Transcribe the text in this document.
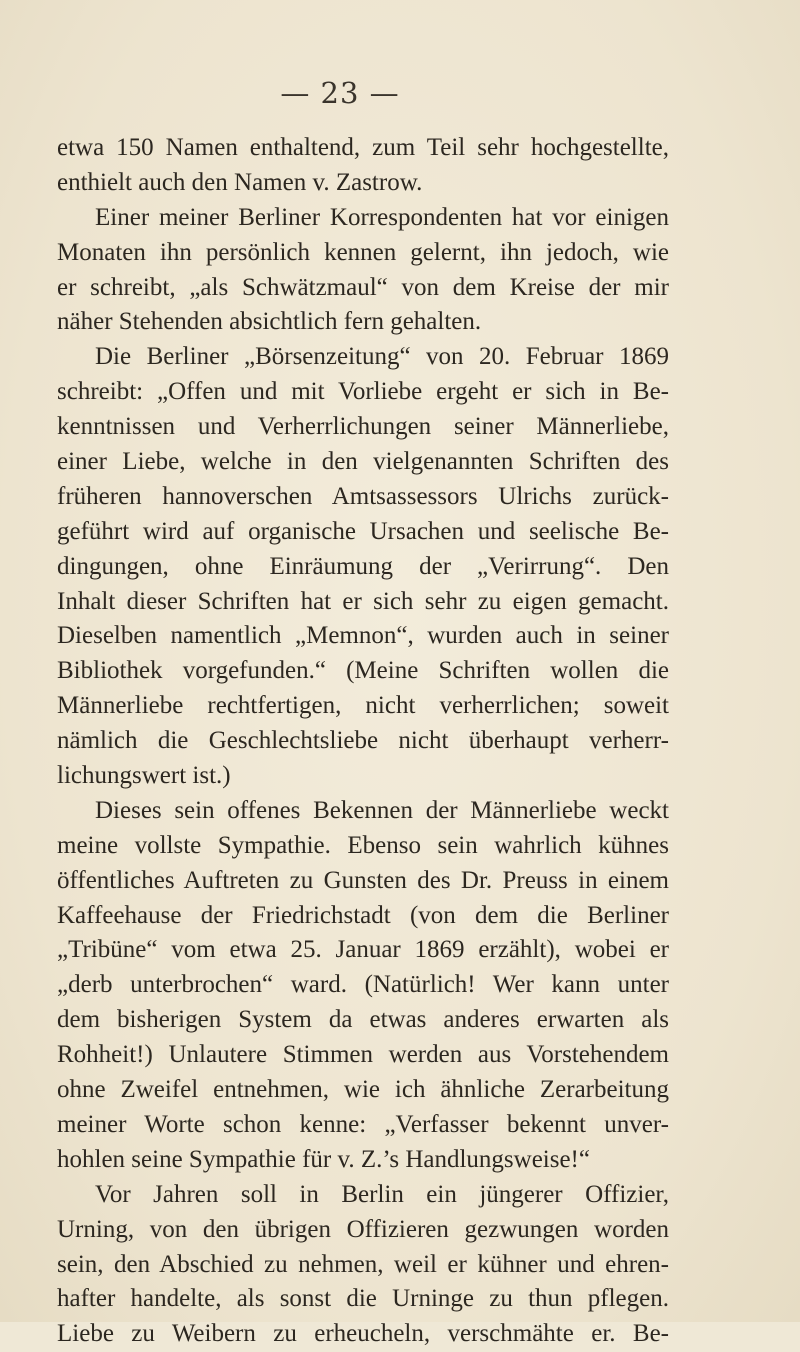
— 23 —
etwa 150 Namen enthaltend, zum Teil sehr hochgestellte,
enthielt auch den Namen v. Zastrow.
Einer meiner Berliner Korrespondenten hat vor einigen
Monaten ihn persönlich kennen gelernt, ihn jedoch, wie
er schreibt, „als Schwätzmaul“ von dem Kreise der mir
näher Stehenden absichtlich fern gehalten.
Die Berliner „Börsenzeitung“ von 20. Februar 1869
schreibt: „Offen und mit Vorliebe ergeht er sich in Be-
kenntnissen und Verherrlichungen seiner Männerliebe,
einer Liebe, welche in den vielgenannten Schriften des
früheren hannoverschen Amtsassessors Ulrichs zurück-
geführt wird auf organische Ursachen und seelische Be-
dingungen, ohne Einräumung der „Verirrung“. Den
Inhalt dieser Schriften hat er sich sehr zu eigen gemacht.
Dieselben namentlich „Memnon“, wurden auch in seiner
Bibliothek vorgefunden.“ (Meine Schriften wollen die
Männerliebe rechtfertigen, nicht verherrlichen; soweit
nämlich die Geschlechtsliebe nicht überhaupt verherr-
lichungswert ist.)
Dieses sein offenes Bekennen der Männerliebe weckt
meine vollste Sympathie. Ebenso sein wahrlich kühnes
öffentliches Auftreten zu Gunsten des Dr. Preuss in einem
Kaffeehause der Friedrichstadt (von dem die Berliner
„Tribüne“ vom etwa 25. Januar 1869 erzählt), wobei er
„derb unterbrochen“ ward. (Natürlich! Wer kann unter
dem bisherigen System da etwas anderes erwarten als
Rohheit!) Unlautere Stimmen werden aus Vorstehendem
ohne Zweifel entnehmen, wie ich ähnliche Zerarbeitung
meiner Worte schon kenne: „Verfasser bekennt unver-
hohlen seine Sympathie für v. Z.’s Handlungsweise!“
Vor Jahren soll in Berlin ein jüngerer Offizier,
Urning, von den übrigen Offizieren gezwungen worden
sein, den Abschied zu nehmen, weil er kühner und ehren-
hafter handelte, als sonst die Urninge zu thun pflegen.
Liebe zu Weibern zu erheucheln, verschmähte er. Be-
